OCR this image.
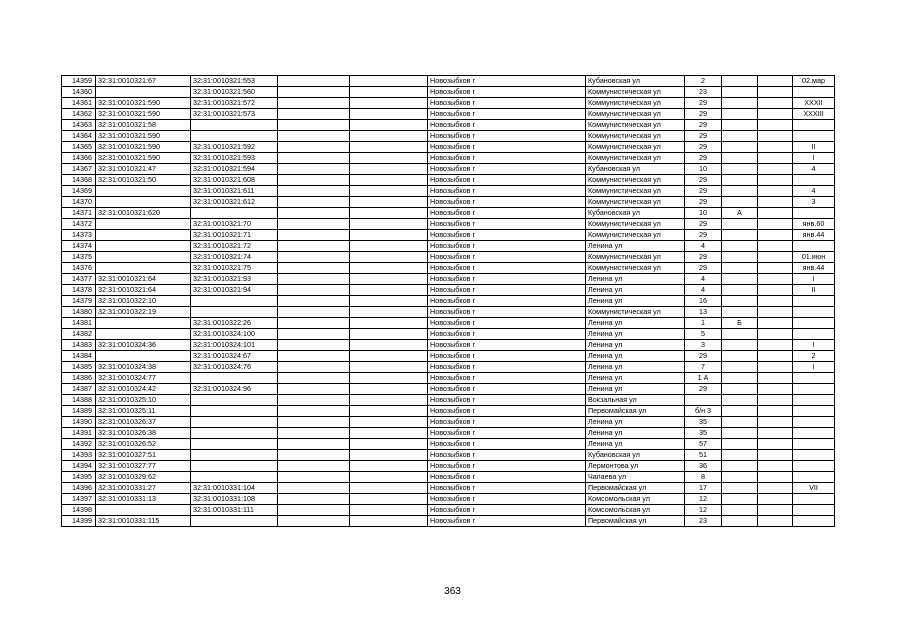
14359	32:31:0010321:67	32:31:0010321:553			Новозыбков г	Кубановская ул	2			02.мар
14360		32:31:0010321:560			Новозыбков г	Коммунистическая ул	23			
14361	32:31:0010321:590	32:31:0010321:572			Новозыбков г	Коммунистическая ул	29			XXXII
14362	32:31:0010321:590	32:31:0010321:573			Новозыбков г	Коммунистическая ул	29			XXXIII
14363	32:31:0010321:58				Новозыбков г	Коммунистическая ул	29			
14364	32:31:0010321:590				Новозыбков г	Коммунистическая ул	29			
14365	32:31:0010321:590	32:31:0010321:592			Новозыбков г	Коммунистическая ул	29			II
14366	32:31:0010321:590	32:31:0010321:593			Новозыбков г	Коммунистическая ул	29			I
14367	32:31:0010321:47	32:31:0010321:594			Новозыбков г	Кубановская ул	10			4
14368	32:31:0010321:50	32:31:0010321:608			Новозыбков г	Коммунистическая ул	29			
14369		32:31:0010321:611			Новозыбков г	Коммунистическая ул	29			4
14370		32:31:0010321:612			Новозыбков г	Коммунистическая ул	29			3
14371	32:31:0010321:620				Новозыбков г	Кубановская ул	10	А		
14372		32:31:0010321:70			Новозыбков г	Коммунистическая ул	29			янв.60
14373		32:31:0010321:71			Новозыбков г	Коммунистическая ул	29			янв.44
14374		32:31:0010321:72			Новозыбков г	Ленина ул	4			
14375		32:31:0010321:74			Новозыбков г	Коммунистическая ул	29			01.июн
14376		32:31:0010321:75			Новозыбков г	Коммунистическая ул	29			янв.44
14377	32:31:0010321:64	32:31:0010321:93			Новозыбков г	Ленина ул	4			I
14378	32:31:0010321:64	32:31:0010321:94			Новозыбков г	Ленина ул	4			II
14379	32:31:0010322:10				Новозыбков г	Ленина ул	16			
14380	32:31:0010322:19				Новозыбков г	Коммунистическая ул	13			
14381		32:31:0010322:26			Новозыбков г	Ленина ул	1	Б		
14382		32:31:0010324:100			Новозыбков г	Ленина ул	5			
14383	32:31:0010324:36	32:31:0010324:101			Новозыбков г	Ленина ул	3			I
14384		32:31:0010324:67			Новозыбков г	Ленина ул	29			2
14385	32:31:0010324:38	32:31:0010324:76			Новозыбков г	Ленина ул	7			I
14386	32:31:0010324:77				Новозыбков г	Ленина ул	1 А			
14387	32:31:0010324:42	32:31:0010324:96			Новозыбков г	Ленина ул	29			
14388	32:31:0010325:10				Новозыбков г	Вокзальная ул				
14389	32:31:0010325:11				Новозыбков г	Первомайская ул	б/н 3			
14390	32:31:0010326:37				Новозыбков г	Ленина ул	35			
14391	32:31:0010326:38				Новозыбков г	Ленина ул	35			
14392	32:31:0010326:52				Новозыбков г	Ленина ул	57			
14393	32:31:0010327:51				Новозыбков г	Кубановская ул	51			
14394	32:31:0010327:77				Новозыбков г	Лермонтова ул	36			
14395	32:31:0010329:62				Новозыбков г	Чапаева ул	8			
14396	32:31:0010331:27	32:31:0010331:104			Новозыбков г	Первомайская ул	17			VII
14397	32:31:0010331:13	32:31:0010331:108			Новозыбков г	Комсомольская ул	12			
14398		32:31:0010331:111			Новозыбков г	Комсомольская ул	12			
14399	32:31:0010331:115				Новозыбков г	Первомайская ул	23			
363
